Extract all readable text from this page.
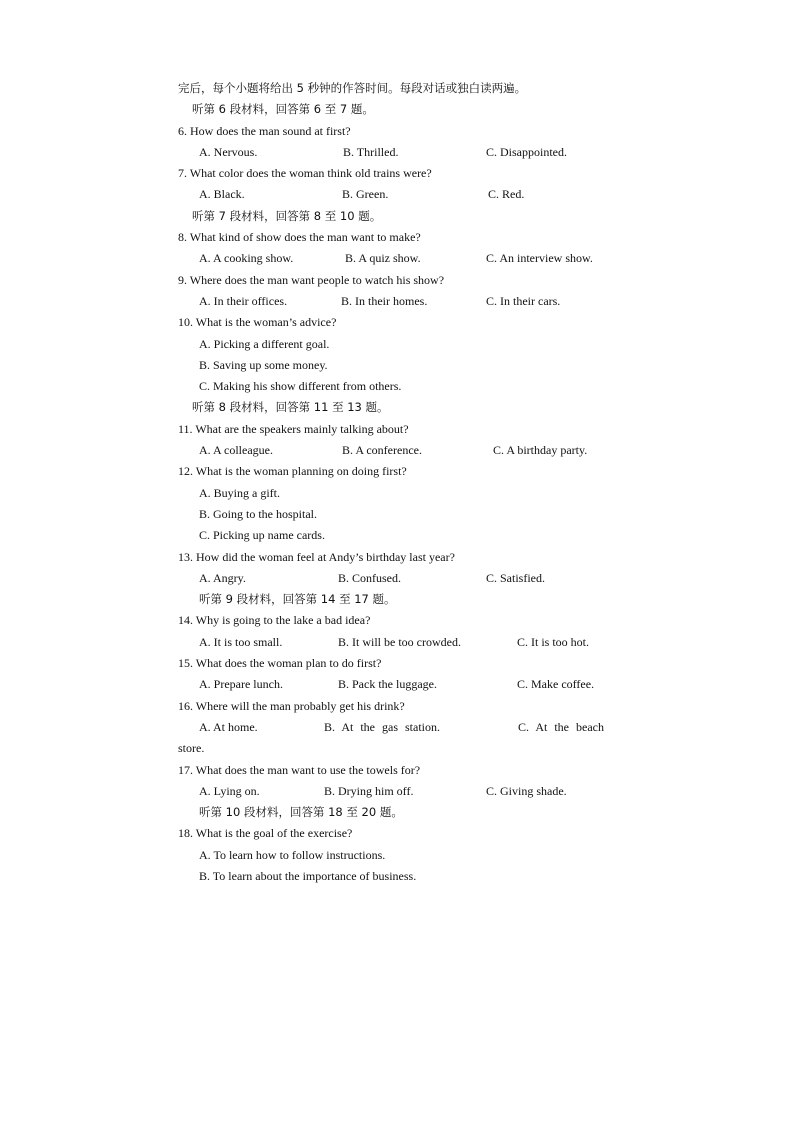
完后，每个小题将给出 5 秒钟的作答时间。每段对话或独白读两遍。
听第 6 段材料，回答第 6 至 7 题。
6. How does the man sound at first?
A. Nervous.	B. Thrilled.	C. Disappointed.
7. What color does the woman think old trains were?
A. Black.	B. Green.	C. Red.
听第 7 段材料，回答第 8 至 10 题。
8. What kind of show does the man want to make?
A. A cooking show.	B. A quiz show.	C. An interview show.
9. Where does the man want people to watch his show?
A. In their offices.	B. In their homes.	C. In their cars.
10. What is the woman’s advice?
A. Picking a different goal.
B. Saving up some money.
C. Making his show different from others.
听第 8 段材料，回答第 11 至 13 题。
11. What are the speakers mainly talking about?
A. A colleague.	B. A conference.	C. A birthday party.
12. What is the woman planning on doing first?
A. Buying a gift.
B. Going to the hospital.
C. Picking up name cards.
13. How did the woman feel at Andy’s birthday last year?
A. Angry.	B. Confused.	C. Satisfied.
听第 9 段材料，回答第 14 至 17 题。
14. Why is going to the lake a bad idea?
A. It is too small.	B. It will be too crowded.	C. It is too hot.
15. What does the woman plan to do first?
A. Prepare lunch.	B. Pack the luggage.	C. Make coffee.
16. Where will the man probably get his drink?
A. At home.	B. At the gas station.	C. At the beach
store.
17. What does the man want to use the towels for?
A. Lying on.	B. Drying him off.	C. Giving shade.
听第 10 段材料，回答第 18 至 20 题。
18. What is the goal of the exercise?
A. To learn how to follow instructions.
B. To learn about the importance of business.
